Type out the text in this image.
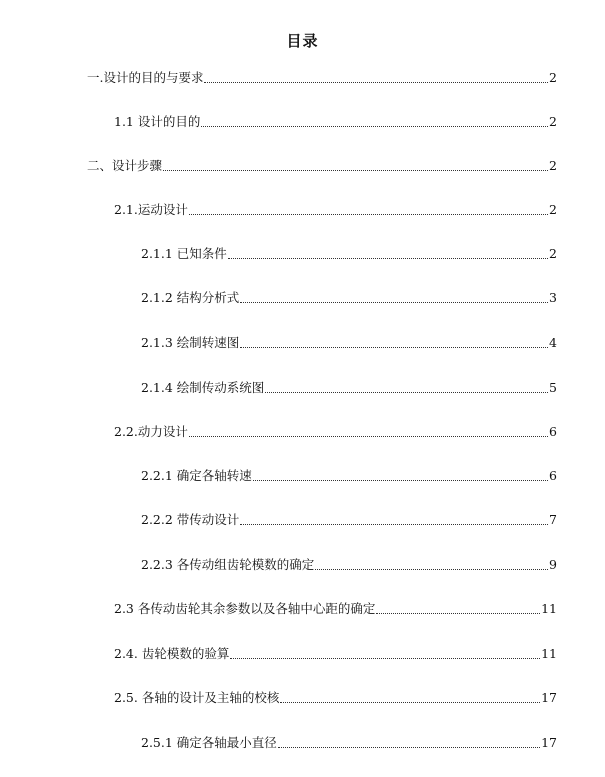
目录
一.设计的目的与要求	2
1.1 设计的目的	2
二、设计步骤	2
2.1.运动设计	2
2.1.1 已知条件	2
2.1.2 结构分析式	3
2.1.3 绘制转速图	4
2.1.4 绘制传动系统图	5
2.2.动力设计	6
2.2.1 确定各轴转速	6
2.2.2 带传动设计	7
2.2.3 各传动组齿轮模数的确定	9
2.3 各传动齿轮其余参数以及各轴中心距的确定	11
2.4. 齿轮模数的验算	11
2.5. 各轴的设计及主轴的校核	17
2.5.1 确定各轴最小直径	17
